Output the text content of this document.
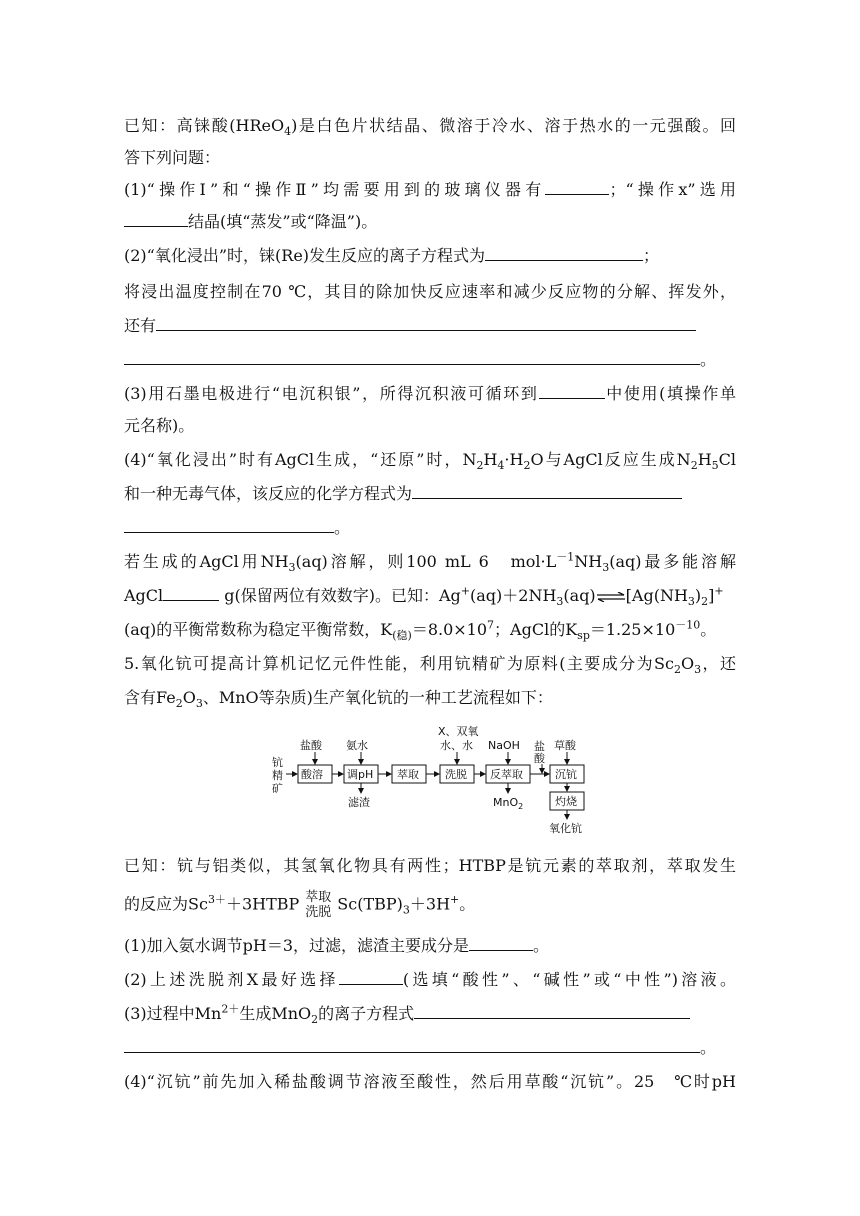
已知：高铼酸(HReO$_4$)是白色片状结晶、微溶于冷水、溶于热水的一元强酸。回
答下列问题：
(1)“操作Ⅰ”和“操作Ⅱ”均需要用到的玻璃仪器有	；“操作x”选用
结晶(填“蒸发”或“降温”)。
(2)“氧化浸出”时，铼(Re)发生反应的离子方程式为	；
将浸出温度控制在70 ℃，其目的除加快反应速率和减少反应物的分解、挥发外，
还有
。
(3)用石墨电极进行“电沉积银”，所得沉积液可循环到	中使用(填操作单
元名称)。
(4)“氧化浸出”时有AgCl生成，“还原”时，$N_2H_4\cdot H_2O$与AgCl反应生成$N_2H_5Cl$
和一种无毒气体，该反应的化学方程式为
。
若生成的AgCl用$NH_3(aq)$溶解，则100 mL 6　$mol\cdot L^{-1}NH_3(aq)$最多能溶解
AgCl	g(保留两位有效数字)。已知：$Ag^+(aq)+2NH_3(aq)\rightleftharpoons[Ag(NH_3)_2]^+$
(aq)的平衡常数称为稳定平衡常数，$K_{(稳)}=8.0\times 10^7$；AgCl的$K_{sp}=1.25\times 10^{-10}$。
5.氧化钪可提高计算机记忆元件性能，利用钪精矿为原料(主要成分为$Sc_2O_3$，还
含有$Fe_2O_3$、MnO等杂质)生产氧化钪的一种工艺流程如下：
钪
精
矿
酸溶 调pH 萃取 洗脱 反萃取	沉钪
灼烧
氧化钪
盐酸 氨水
X、双氧
水、水 NaOH 盐
酸
草酸
滤渣	MnO$_2$
已知：钪与铝类似，其氢氧化物具有两性；HTBP是钪元素的萃取剂，萃取发生
的反应为$Sc^{3+}+3HTBP$ 萃取
洗脱 $Sc(TBP)_3+3H^+$。
(1)加入氨水调节pH＝3，过滤，滤渣主要成分是	。
(2)上述洗脱剂X最好选择	(选填“酸性”、“碱性”或“中性”)溶液。
(3)过程中$Mn^{2+}$生成MnO$_2$的离子方程式
。
(4)“沉钪”前先加入稀盐酸调节溶液至酸性，然后用草酸“沉钪”。25　℃时pH
